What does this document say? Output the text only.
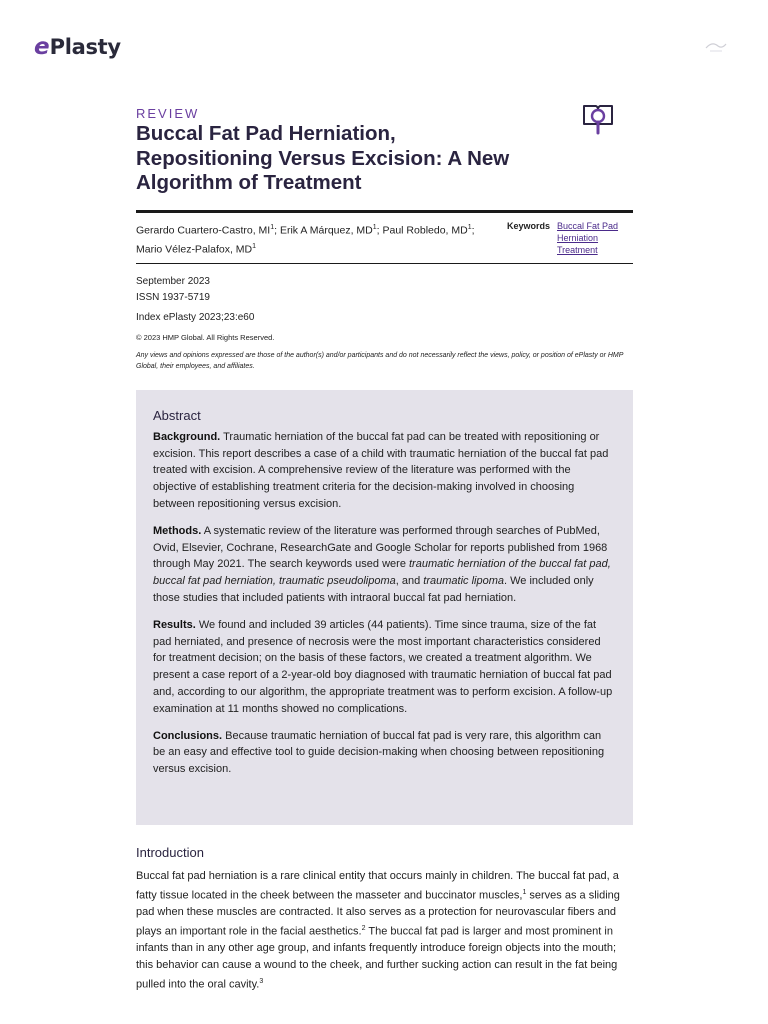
e Plasty
REVIEW
Buccal Fat Pad Herniation, Repositioning Versus Excision: A New Algorithm of Treatment
Gerardo Cuartero-Castro, $MI^1$; Erik A Márquez, $MD^1$; Paul Robledo, $MD^1$;
Mario Vélez-Palafox, $MD^1$
Keywords Buccal Fat Pad
Herniation
Treatment
September 2023
ISSN 1937-5719
Index ePlasty 2023;23:e60
© 2023 HMP Global. All Rights Reserved.
Any views and opinions expressed are those of the author(s) and/or participants and do not necessarily reflect the views, policy, or position of ePlasty or HMP Global, their employees, and affiliates.
Abstract

Background. Traumatic herniation of the buccal fat pad can be treated with repositioning or excision. This report describes a case of a child with traumatic herniation of the buccal fat pad treated with excision. A comprehensive review of the literature was performed with the objective of establishing treatment criteria for the decision-making involved in choosing between repositioning versus excision.

Methods. A systematic review of the literature was performed through searches of PubMed, Ovid, Elsevier, Cochrane, ResearchGate and Google Scholar for reports published from 1968 through May 2021. The search keywords used were traumatic herniation of the buccal fat pad, buccal fat pad herniation, traumatic pseudolipoma, and traumatic lipoma. We included only those studies that included patients with intraoral buccal fat pad herniation.

Results. We found and included 39 articles (44 patients). Time since trauma, size of the fat pad herniated, and presence of necrosis were the most important characteristics considered for treatment decision; on the basis of these factors, we created a treatment algorithm. We present a case report of a 2-year-old boy diagnosed with traumatic herniation of buccal fat pad and, according to our algorithm, the appropriate treatment was to perform excision. A follow-up examination at 11 months showed no complications.

Conclusions. Because traumatic herniation of buccal fat pad is very rare, this algorithm can be an easy and effective tool to guide decision-making when choosing between repositioning versus excision.

Introduction

Buccal fat pad herniation is a rare clinical entity that occurs mainly in children. The buccal fat pad, a fatty tissue located in the cheek between the masseter and buccinator muscles,$^1$ serves as a sliding pad when these muscles are contracted. It also serves as a protection for neurovascular fibers and plays an important role in the facial aesthetics.$^2$ The buccal fat pad is larger and most prominent in infants than in any other age group, and infants frequently introduce foreign objects into the mouth; this behavior can cause a wound to the cheek, and further sucking action can result in the fat being pulled into the oral cavity.$^3$
